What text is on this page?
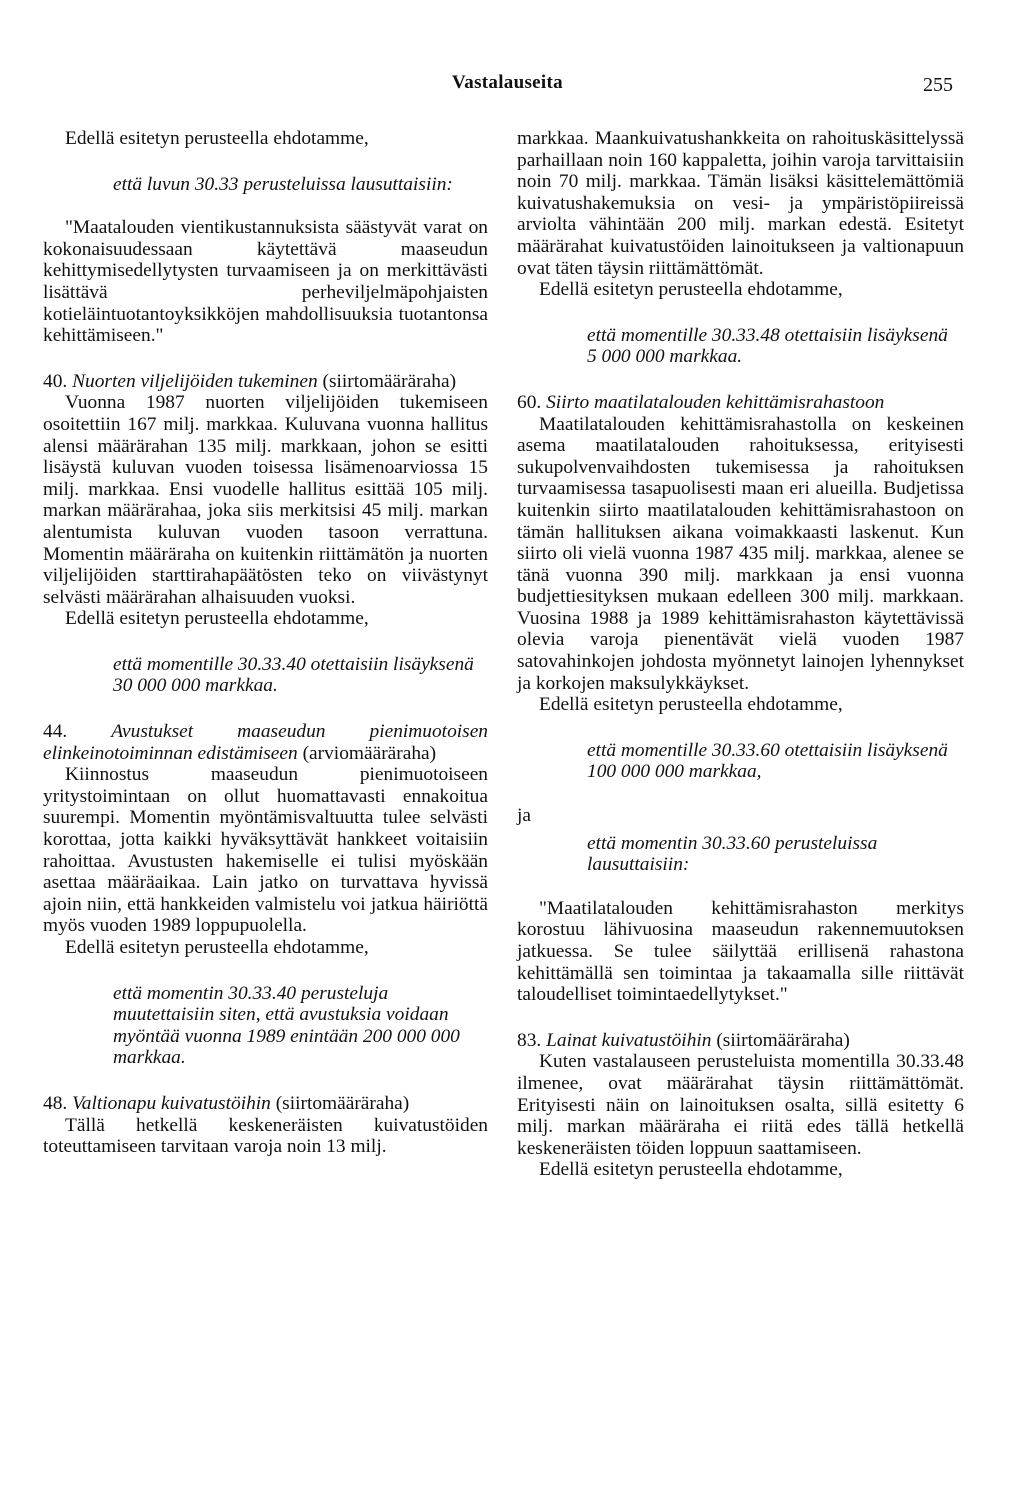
Vastalauseita	255

Edellä esitetyn perusteella ehdotamme,

että luvun 30.33 perusteluissa lausuttaisiin:

"Maatalouden vientikustannuksista säästyvät varat on kokonaisuudessaan käytettävä maaseudun kehittymisedellytysten turvaamiseen ja on merkittävästi lisättävä perheviljelmäpohjaisten kotieläintuotantoyksikköjen mahdollisuuksia tuotantonsa kehittämiseen."

40. Nuorten viljelijöiden tukeminen (siirtomääräraha)

Vuonna 1987 nuorten viljelijöiden tukemiseen osoitettiin 167 milj. markkaa. Kuluvana vuonna hallitus alensi määrärahan 135 milj. markkaan, johon se esitti lisäystä kuluvan vuoden toisessa lisämenoarviossa 15 milj. markkaa. Ensi vuodelle hallitus esittää 105 milj. markan määrärahaa, joka siis merkitsisi 45 milj. markan alentumista kuluvan vuoden tasoon verrattuna. Momentin määräraha on kuitenkin riittämätön ja nuorten viljelijöiden starttirahapäätösten teko on viivästynyt selvästi määrärahan alhaisuuden vuoksi.

Edellä esitetyn perusteella ehdotamme,

että momentille 30.33.40 otettaisiin lisäyksenä 30 000 000 markkaa.

44. Avustukset maaseudun pienimuotoisen elinkeinotoiminnan edistämiseen (arviomääräraha)

Kiinnostus maaseudun pienimuotoiseen yritystoimintaan on ollut huomattavasti ennakoitua suurempi. Momentin myöntämisvaltuutta tulee selvästi korottaa, jotta kaikki hyväksyttävät hankkeet voitaisiin rahoittaa. Avustusten hakemiselle ei tulisi myöskään asettaa määräaikaa. Lain jatko on turvattava hyvissä ajoin niin, että hankkeiden valmistelu voi jatkua häiriöttä myös vuoden 1989 loppupuolella.

Edellä esitetyn perusteella ehdotamme,

että momentin 30.33.40 perusteluja muutettaisiin siten, että avustuksia voidaan myöntää vuonna 1989 enintään 200 000 000 markkaa.

48. Valtionapu kuivatustöihin (siirtomääräraha)

Tällä hetkellä keskeneräisten kuivatustöiden toteuttamiseen tarvitaan varoja noin 13 milj.

markkaa. Maankuivatushankkeita on rahoituskäsittelyssä parhaillaan noin 160 kappaletta, joihin varoja tarvittaisiin noin 70 milj. markkaa. Tämän lisäksi käsittelemättömiä kuivatushakemuksia on vesi- ja ympäristöpiireissä arviolta vähintään 200 milj. markan edestä. Esitetyt määrärahat kuivatustöiden lainoitukseen ja valtionapuun ovat täten täysin riittämättömät.

Edellä esitetyn perusteella ehdotamme,

että momentille 30.33.48 otettaisiin lisäyksenä 5 000 000 markkaa.

60. Siirto maatilatalouden kehittämisrahastoon

Maatilatalouden kehittämisrahastolla on keskeinen asema maatilatalouden rahoituksessa, erityisesti sukupolvenvaihdosten tukemisessa ja rahoituksen turvaamisessa tasapuolisesti maan eri alueilla. Budjetissa kuitenkin siirto maatilatalouden kehittämisrahastoon on tämän hallituksen aikana voimakkaasti laskenut. Kun siirto oli vielä vuonna 1987 435 milj. markkaa, alenee se tänä vuonna 390 milj. markkaan ja ensi vuonna budjettiesityksen mukaan edelleen 300 milj. markkaan. Vuosina 1988 ja 1989 kehittämisrahaston käytettävissä olevia varoja pienentävät vielä vuoden 1987 satovahinkojen johdosta myönnetyt lainojen lyhennykset ja korkojen maksulykkäykset.

Edellä esitetyn perusteella ehdotamme,

että momentille 30.33.60 otettaisiin lisäyksenä 100 000 000 markkaa,

ja

että momentin 30.33.60 perusteluissa lausuttaisiin:

"Maatilatalouden kehittämisrahaston merkitys korostuu lähivuosina maaseudun rakennemuutoksen jatkuessa. Se tulee säilyttää erillisenä rahastona kehittämällä sen toimintaa ja takaamalla sille riittävät taloudelliset toimintaedellytykset."

83. Lainat kuivatustöihin (siirtomääräraha)

Kuten vastalauseen perusteluista momentilla 30.33.48 ilmenee, ovat määrärahat täysin riittämättömät. Erityisesti näin on lainoituksen osalta, sillä esitetty 6 milj. markan määräraha ei riitä edes tällä hetkellä keskeneräisten töiden loppuun saattamiseen.

Edellä esitetyn perusteella ehdotamme,
